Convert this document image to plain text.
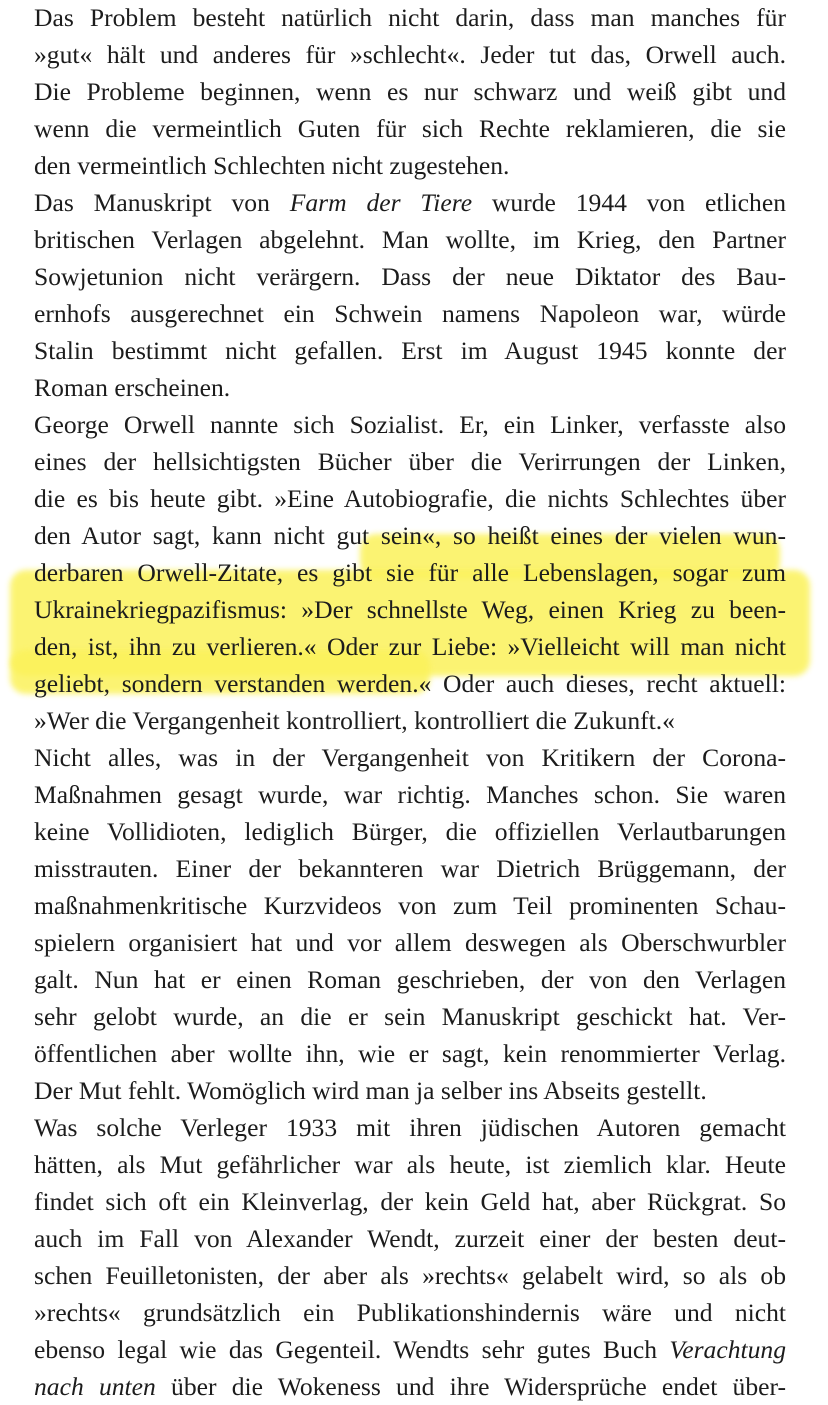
Das Problem besteht natürlich nicht darin, dass man manches für
»gut« hält und anderes für »schlecht«. Jeder tut das, Orwell auch.
Die Probleme beginnen, wenn es nur schwarz und weiß gibt und
wenn die vermeintlich Guten für sich Rechte reklamieren, die sie
den vermeintlich Schlechten nicht zugestehen.
Das Manuskript von Farm der Tiere wurde 1944 von etlichen
britischen Verlagen abgelehnt. Man wollte, im Krieg, den Partner
Sowjetunion nicht verärgern. Dass der neue Diktator des Bau-
ernhofs ausgerechnet ein Schwein namens Napoleon war, würde
Stalin bestimmt nicht gefallen. Erst im August 1945 konnte der
Roman erscheinen.
George Orwell nannte sich Sozialist. Er, ein Linker, verfasste also
eines der hellsichtigsten Bücher über die Verirrungen der Linken,
die es bis heute gibt. »Eine Autobiografie, die nichts Schlechtes über
den Autor sagt, kann nicht gut sein«, so heißt eines der vielen wun-
derbaren Orwell-Zitate, es gibt sie für alle Lebenslagen, sogar zum
Ukrainekriegpazifismus: »Der schnellste Weg, einen Krieg zu been-
den, ist, ihn zu verlieren.« Oder zur Liebe: »Vielleicht will man nicht
geliebt, sondern verstanden werden.« Oder auch dieses, recht aktuell:
»Wer die Vergangenheit kontrolliert, kontrolliert die Zukunft.«
Nicht alles, was in der Vergangenheit von Kritikern der Corona-
Maßnahmen gesagt wurde, war richtig. Manches schon. Sie waren
keine Vollidioten, lediglich Bürger, die offiziellen Verlautbarungen
misstrauten. Einer der bekannteren war Dietrich Brüggemann, der
maßnahmenkritische Kurzvideos von zum Teil prominenten Schau-
spielern organisiert hat und vor allem deswegen als Oberschwurbler
galt. Nun hat er einen Roman geschrieben, der von den Verlagen
sehr gelobt wurde, an die er sein Manuskript geschickt hat. Ver-
öffentlichen aber wollte ihn, wie er sagt, kein renommierter Verlag.
Der Mut fehlt. Womöglich wird man ja selber ins Abseits gestellt.
Was solche Verleger 1933 mit ihren jüdischen Autoren gemacht
hätten, als Mut gefährlicher war als heute, ist ziemlich klar. Heute
findet sich oft ein Kleinverlag, der kein Geld hat, aber Rückgrat. So
auch im Fall von Alexander Wendt, zurzeit einer der besten deut-
schen Feuilletonisten, der aber als »rechts« gelabelt wird, so als ob
»rechts« grundsätzlich ein Publikationshindernis wäre und nicht
ebenso legal wie das Gegenteil. Wendts sehr gutes Buch Verachtung
nach unten über die Wokeness und ihre Widersprüche endet über-
